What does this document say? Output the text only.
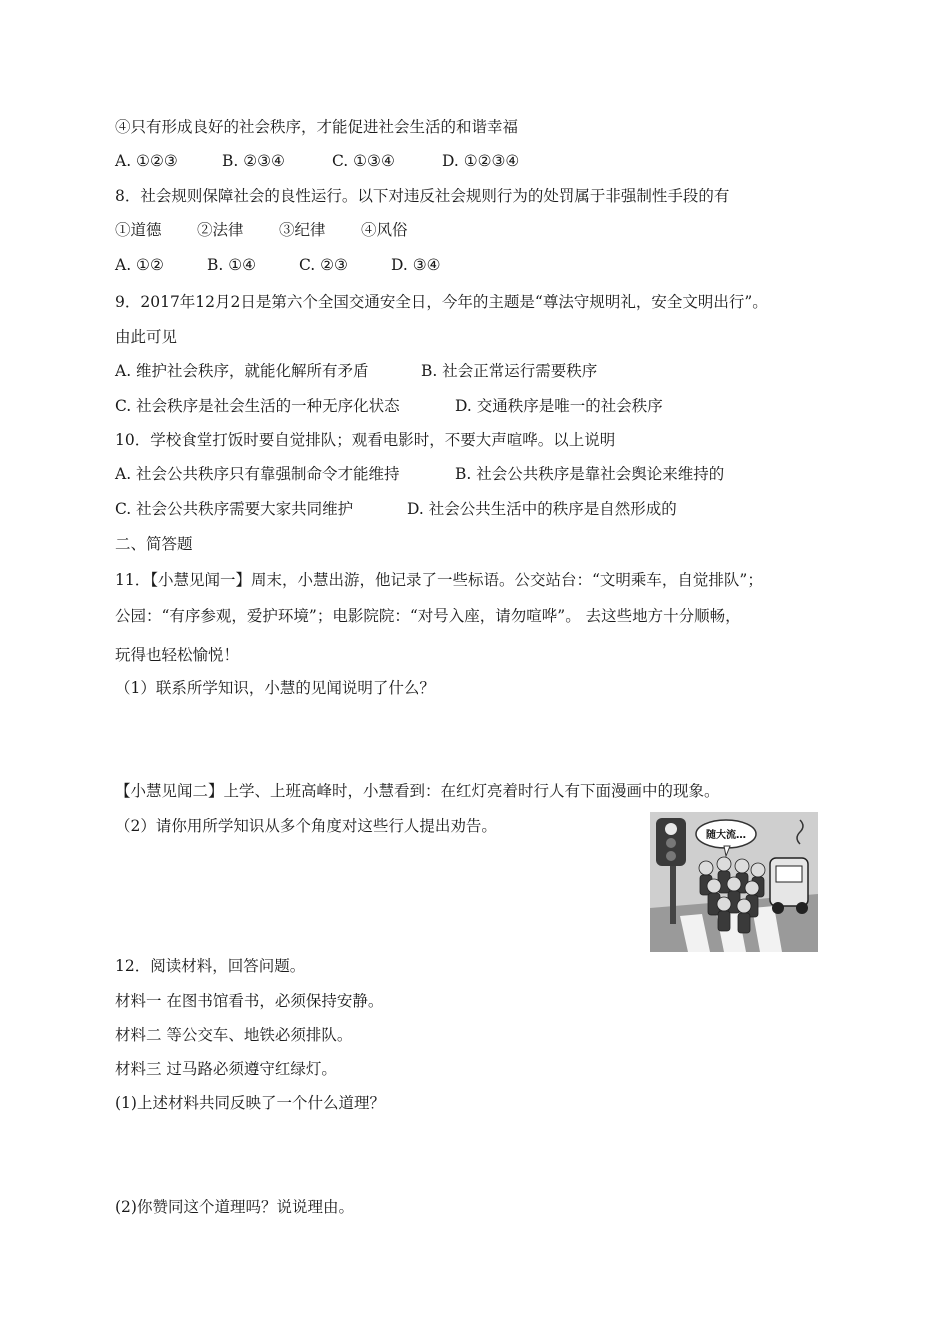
④只有形成良好的社会秩序，才能促进社会生活的和谐幸福
A. ①②③	B. ②③④	C. ①③④	D. ①②③④
8．社会规则保障社会的良性运行。以下对违反社会规则行为的处罚属于非强制性手段的有
①道德 ②法律 ③纪律 ④风俗
A. ①②	B. ①④	C. ②③	D. ③④
9．2017年12月2日是第六个全国交通安全日，今年的主题是“尊法守规明礼，安全文明出行”。
由此可见
A. 维护社会秩序，就能化解所有矛盾	B. 社会正常运行需要秩序
C. 社会秩序是社会生活的一种无序化状态	D. 交通秩序是唯一的社会秩序
10．学校食堂打饭时要自觉排队；观看电影时，不要大声喧哗。以上说明
A. 社会公共秩序只有靠强制命令才能维持	B. 社会公共秩序是靠社会舆论来维持的
C. 社会公共秩序需要大家共同维护	D. 社会公共生活中的秩序是自然形成的
二、简答题
11．【小慧见闻一】周末，小慧出游，他记录了一些标语。公交站台：“文明乘车，自觉排队”；
公园：“有序参观，爱护环境”；电影院院：“对号入座，请勿喧哗”。 去这些地方十分顺畅，
玩得也轻松愉悦！
（1）联系所学知识，小慧的见闻说明了什么？
【小慧见闻二】上学、上班高峰时，小慧看到：在红灯亮着时行人有下面漫画中的现象。
（2）请你用所学知识从多个角度对这些行人提出劝告。
随大流…
12．阅读材料，回答问题。
材料一 在图书馆看书，必须保持安静。
材料二 等公交车、地铁必须排队。
材料三 过马路必须遵守红绿灯。
(1)上述材料共同反映了一个什么道理？
(2)你赞同这个道理吗？说说理由。
